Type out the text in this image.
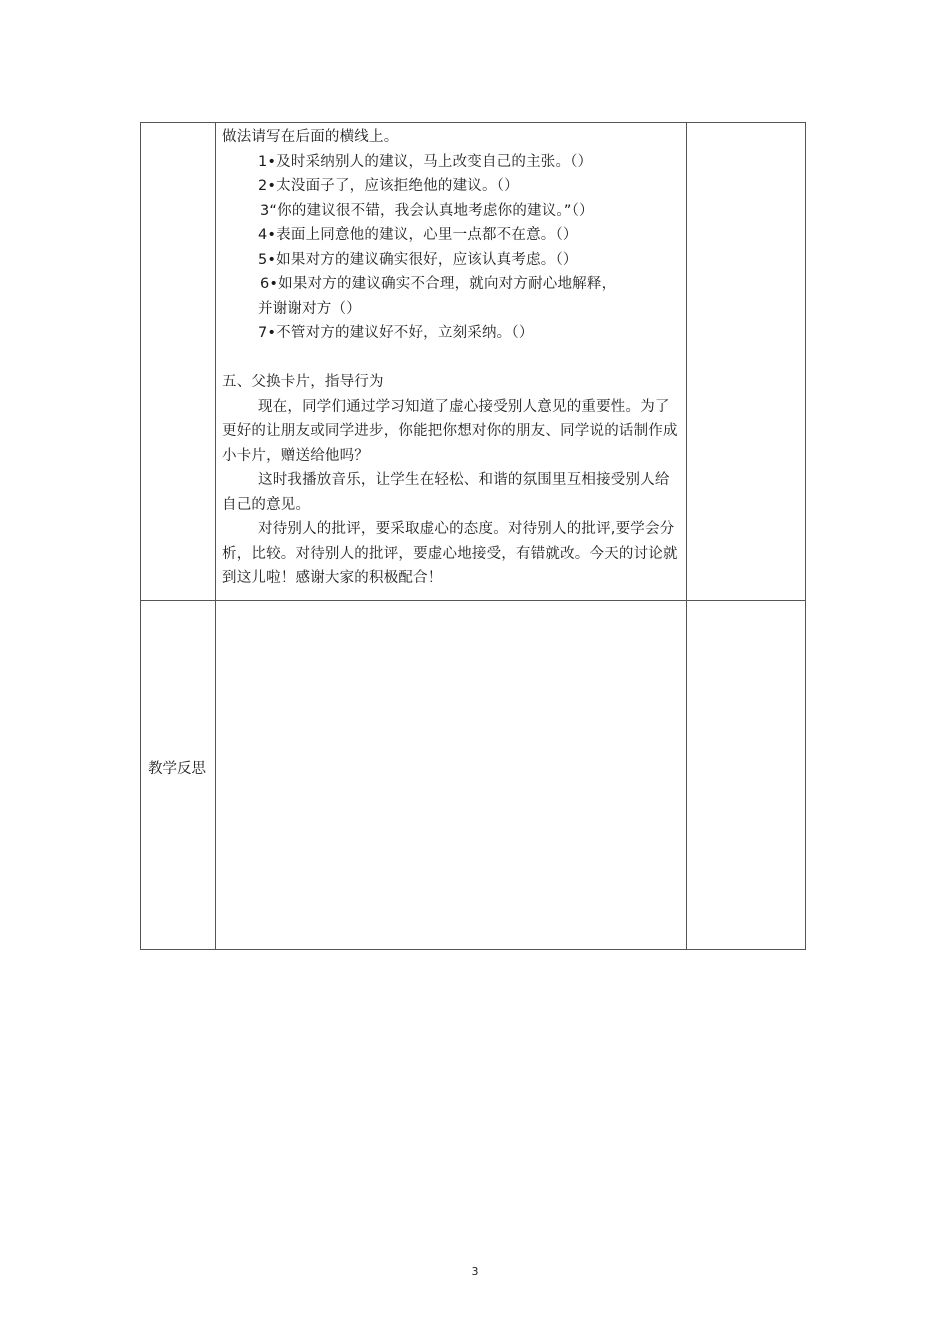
做法请写在后面的横线上。

1•及时采纳别人的建议，马上改变自己的主张。（）

2•太没面子了，应该拒绝他的建议。（）

3“你的建议很不错，我会认真地考虑你的建议。”（）

4•表面上同意他的建议，心里一点都不在意。（）

5•如果对方的建议确实很好，应该认真考虑。（）

6•如果对方的建议确实不合理，就向对方耐心地解释，

并谢谢对方（）

7•不管对方的建议好不好，立刻采纳。（）

五、父换卡片，指导行为

现在，同学们通过学习知道了虚心接受别人意见的重要性。为了更好的让朋友或同学进步，你能把你想对你的朋友、同学说的话制作成小卡片，赠送给他吗？

这时我播放音乐，让学生在轻松、和谐的氛围里互相接受别人给自己的意见。

对待别人的批评，要采取虚心的态度。对待别人的批评,要学会分析，比较。对待别人的批评，要虚心地接受，有错就改。今天的讨论就到这儿啦！感谢大家的积极配合！

教学反思
3
